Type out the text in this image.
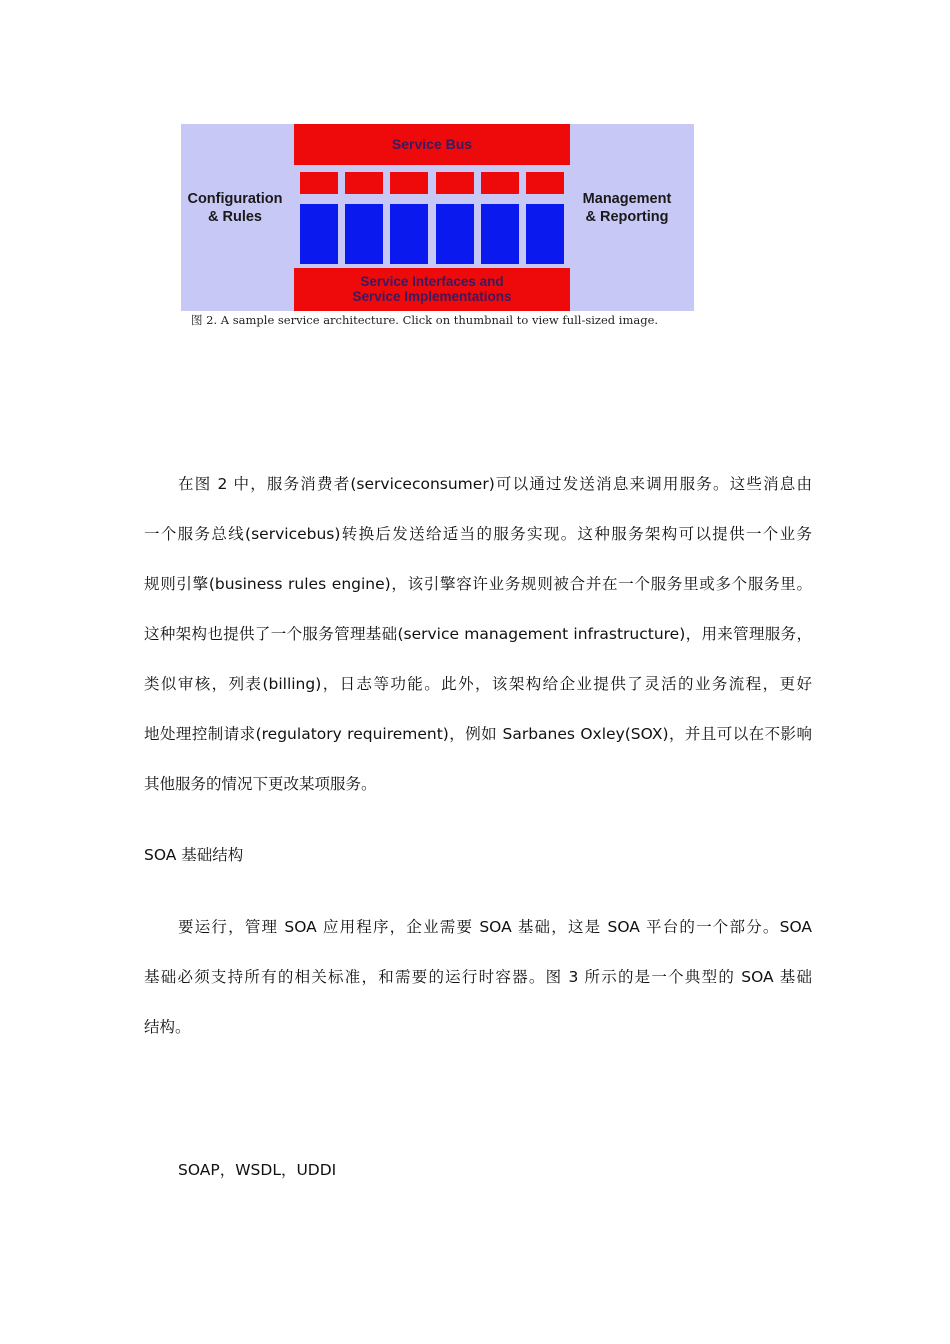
Configuration
& Rules
Service Bus
Service Interfaces and
Service Implementations
Management
& Reporting
图 2. A sample service architecture. Click on thumbnail to view full-sized image.

在图 2 中，服务消费者(serviceconsumer)可以通过发送消息来调用服务。这些消息由
一个服务总线(servicebus)转换后发送给适当的服务实现。这种服务架构可以提供一个业务
规则引擎(business rules engine)，该引擎容许业务规则被合并在一个服务里或多个服务里。
这种架构也提供了一个服务管理基础(service management infrastructure)，用来管理服务，
类似审核，列表(billing)，日志等功能。此外，该架构给企业提供了灵活的业务流程，更好
地处理控制请求(regulatory requirement)，例如 Sarbanes Oxley(SOX)，并且可以在不影响
其他服务的情况下更改某项服务。

SOA 基础结构

要运行，管理 SOA 应用程序，企业需要 SOA 基础，这是 SOA 平台的一个部分。SOA
基础必须支持所有的相关标准，和需要的运行时容器。图 3 所示的是一个典型的 SOA 基础
结构。

SOAP，WSDL，UDDI
